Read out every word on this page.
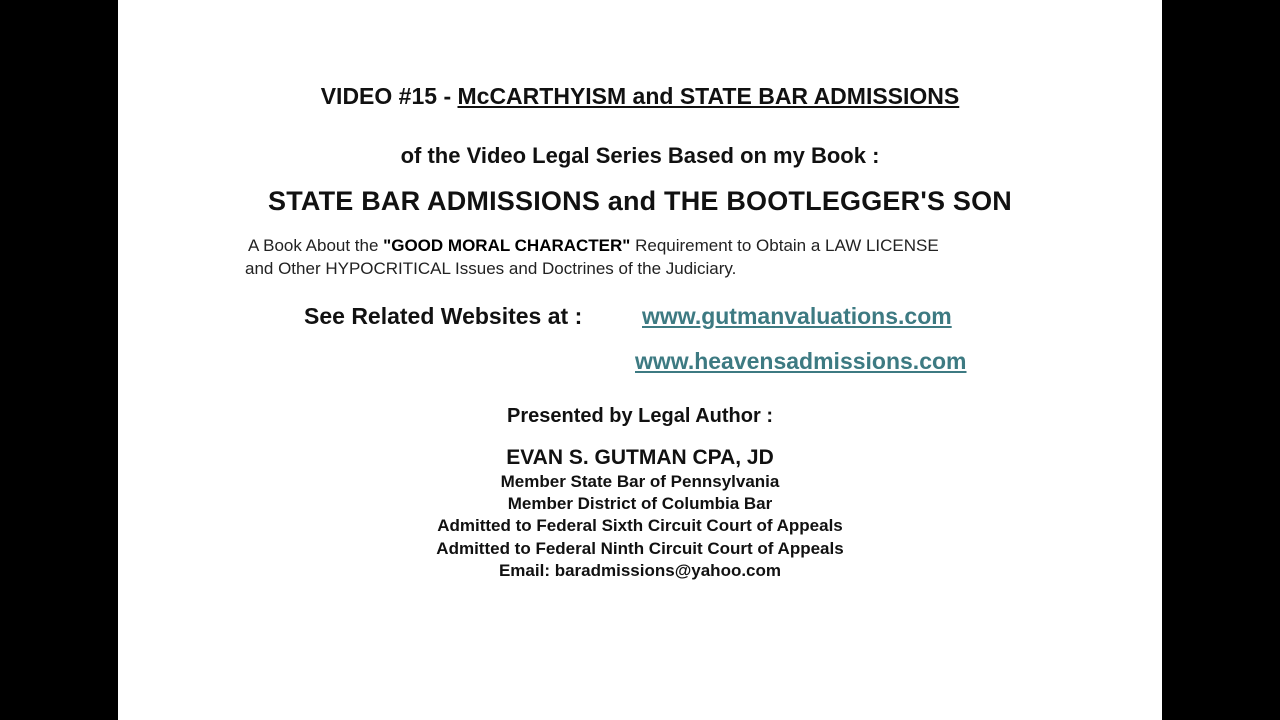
VIDEO #15 - McCARTHYISM and STATE BAR ADMISSIONS
of the Video Legal Series Based on my Book :
STATE BAR ADMISSIONS and THE BOOTLEGGER'S SON
A Book About the "GOOD MORAL CHARACTER" Requirement to Obtain a LAW LICENSE
and Other HYPOCRITICAL Issues and Doctrines of the Judiciary.
See Related Websites at :	www.gutmanvaluations.com
www.heavensadmissions.com
Presented by Legal Author :
EVAN S. GUTMAN CPA, JD
Member State Bar of Pennsylvania
Member District of Columbia Bar
Admitted to Federal Sixth Circuit Court of Appeals
Admitted to Federal Ninth Circuit Court of Appeals
Email: baradmissions@yahoo.com
